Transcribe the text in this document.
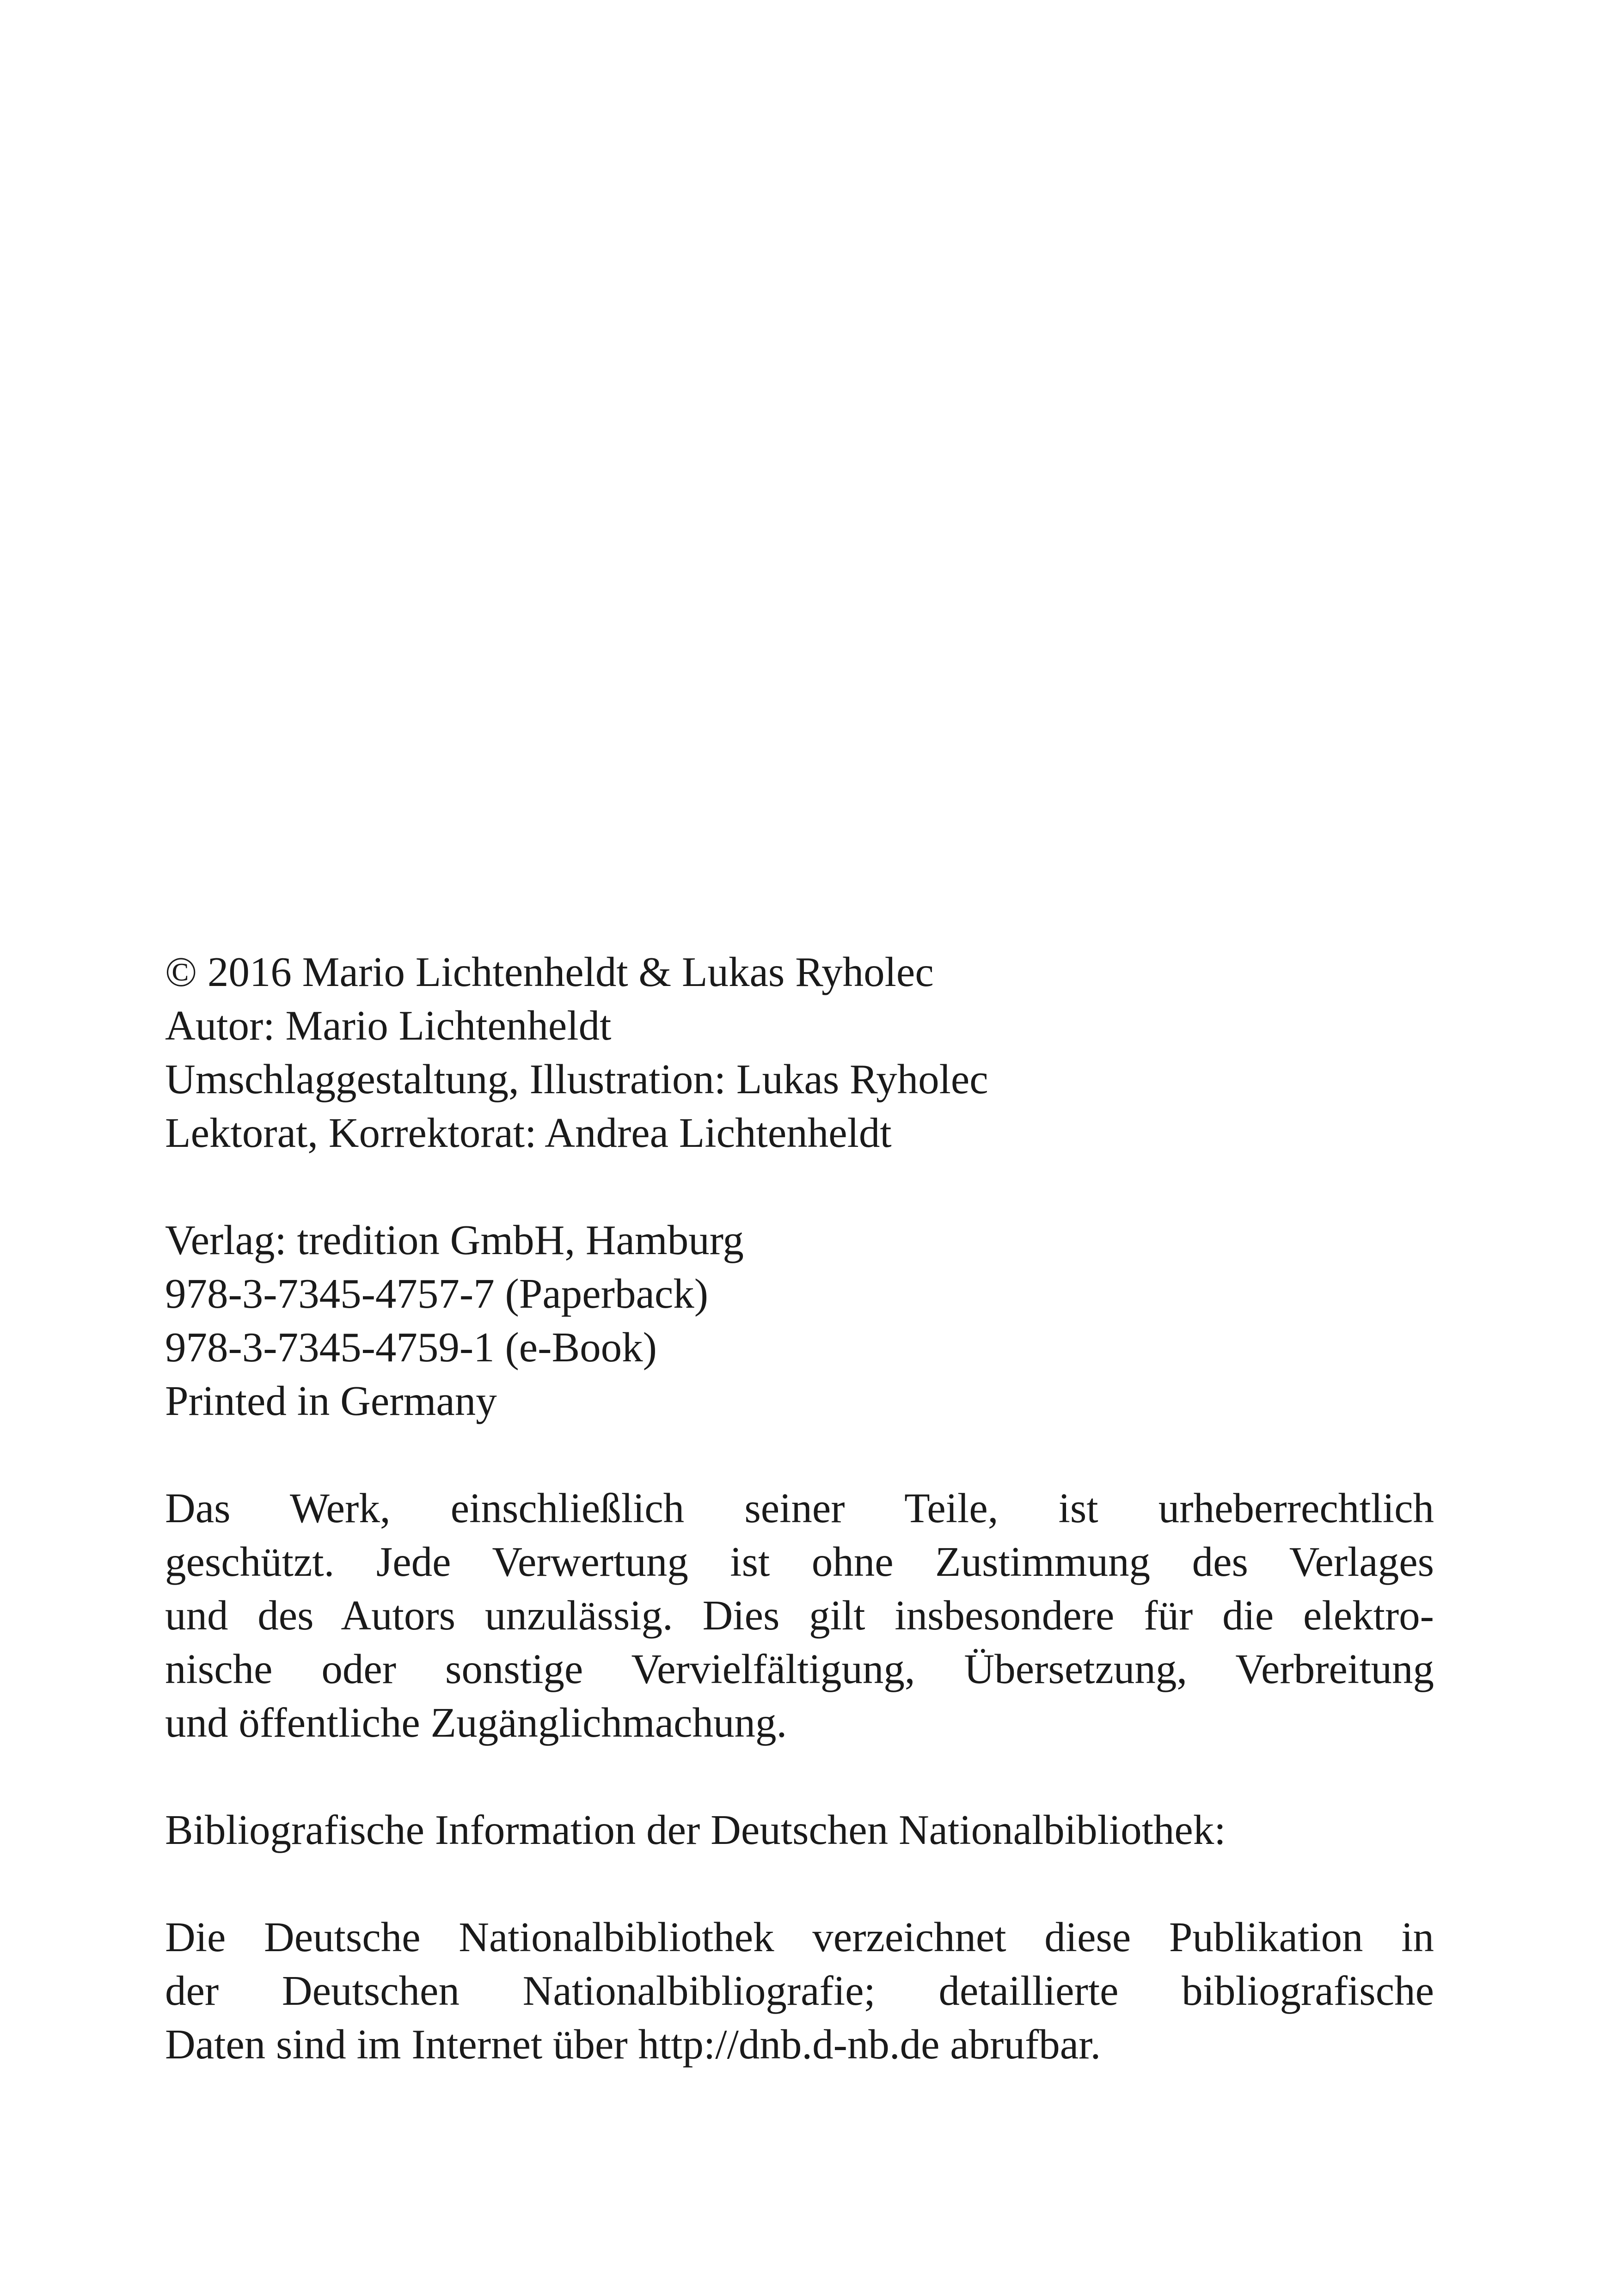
© 2016 Mario Lichtenheldt & Lukas Ryholec
Autor: Mario Lichtenheldt
Umschlaggestaltung, Illustration: Lukas Ryholec
Lektorat, Korrektorat: Andrea Lichtenheldt
Verlag: tredition GmbH, Hamburg
978-3-7345-4757-7 (Paperback)
978-3-7345-4759-1 (e-Book)
Printed in Germany
Das Werk, einschließlich seiner Teile, ist urheberrechtlich
geschützt. Jede Verwertung ist ohne Zustimmung des Verlages
und des Autors unzulässig. Dies gilt insbesondere für die elektro-
nische oder sonstige Vervielfältigung, Übersetzung, Verbreitung
und öffentliche Zugänglichmachung.
Bibliografische Information der Deutschen Nationalbibliothek:
Die Deutsche Nationalbibliothek verzeichnet diese Publikation in
der Deutschen Nationalbibliografie; detaillierte bibliografische
Daten sind im Internet über http://dnb.d-nb.de abrufbar.
